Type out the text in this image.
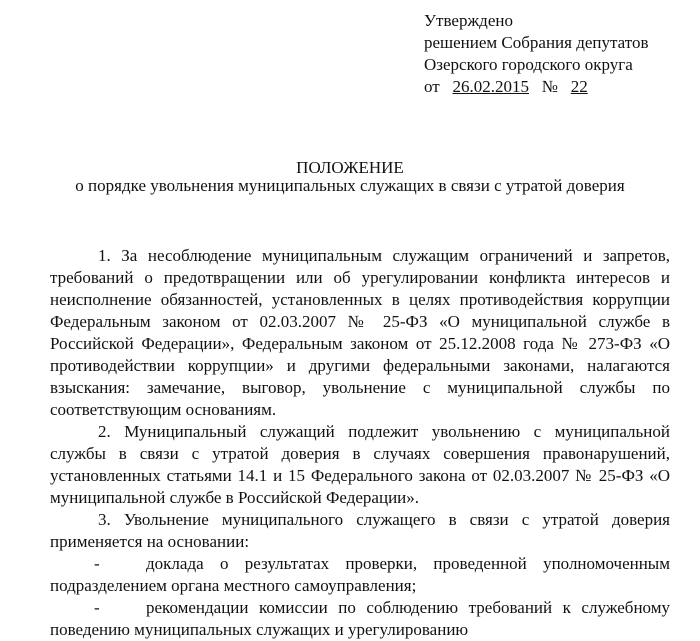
Утверждено
решением Собрания депутатов
Озерского городского округа
от 26.02.2015 № 22
ПОЛОЖЕНИЕ
о порядке увольнения муниципальных служащих в связи с утратой доверия

1. За несоблюдение муниципальным служащим ограничений и запретов, требований о предотвращении или об урегулировании конфликта интересов и неисполнение обязанностей, установленных в целях противодействия коррупции Федеральным законом от 02.03.2007 № 25-ФЗ «О муниципальной службе в Российской Федерации», Федеральным законом от 25.12.2008 года № 273-ФЗ «О противодействии коррупции» и другими федеральными законами, налагаются взыскания: замечание, выговор, увольнение с муниципальной службы по соответствующим основаниям.

2. Муниципальный служащий подлежит увольнению с муниципальной службы в связи с утратой доверия в случаях совершения правонарушений, установленных статьями 14.1 и 15 Федерального закона от 02.03.2007 № 25-ФЗ «О муниципальной службе в Российской Федерации».

3. Увольнение муниципального служащего в связи с утратой доверия применяется на основании:

-	доклада о результатах проверки, проведенной уполномоченным подразделением органа местного самоуправления;

-	рекомендации комиссии по соблюдению требований к служебному поведению муниципальных служащих и урегулированию
